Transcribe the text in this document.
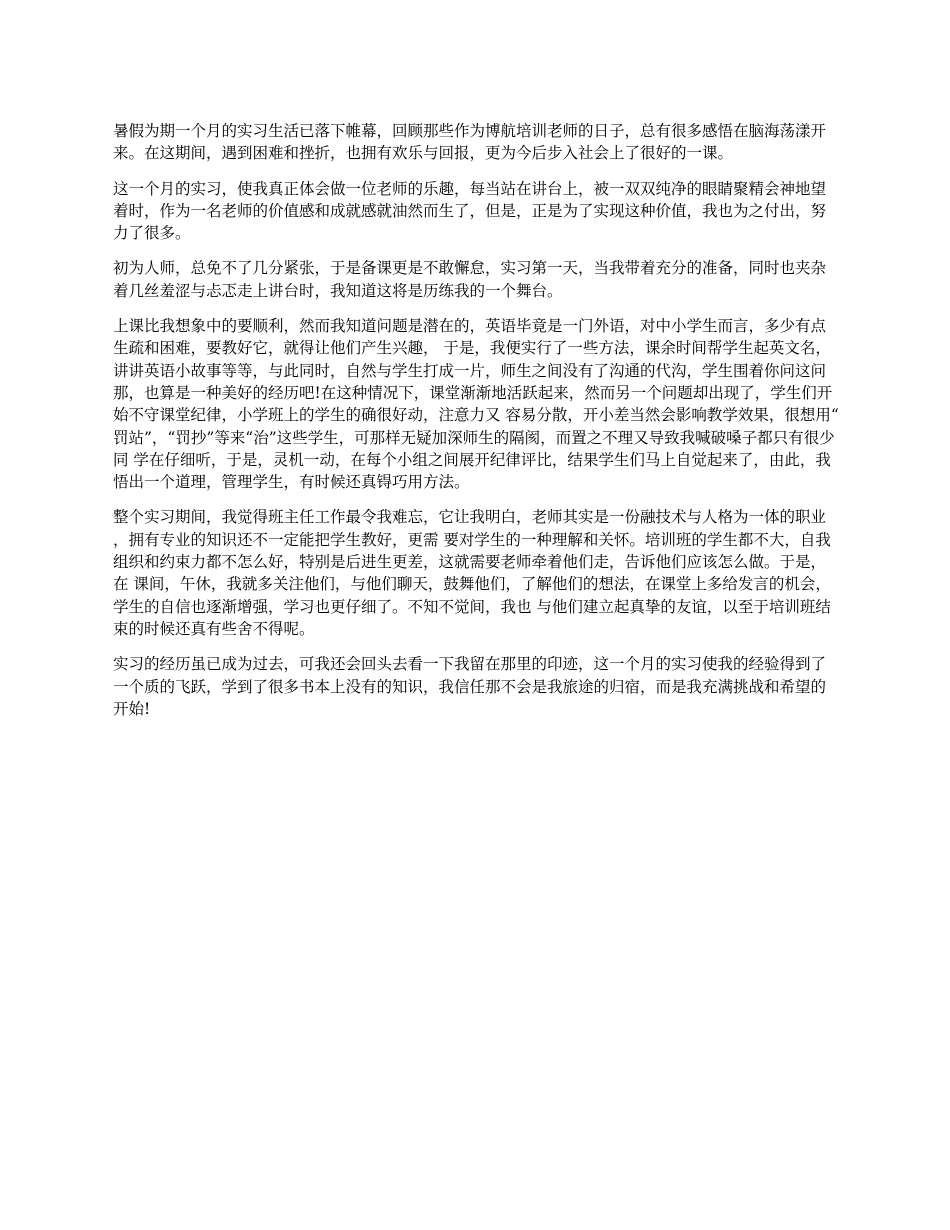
暑假为期一个月的实习生活已落下帷幕，回顾那些作为博航培训老师的日子，总有很多感悟在脑海荡漾开来。在这期间，遇到困难和挫折，也拥有欢乐与回报，更为今后步入社会上了很好的一课。

这一个月的实习，使我真正体会做一位老师的乐趣，每当站在讲台上，被一双双纯净的眼睛聚精会神地望着时，作为一名老师的价值感和成就感就油然而生了，但是，正是为了实现这种价值，我也为之付出，努力了很多。

初为人师，总免不了几分紧张，于是备课更是不敢懈怠，实习第一天，当我带着充分的准备，同时也夹杂着几丝羞涩与忐忑走上讲台时，我知道这将是历练我的一个舞台。

上课比我想象中的要顺利，然而我知道问题是潜在的，英语毕竟是一门外语，对中小学生而言，多少有点生疏和困难，要教好它，就得让他们产生兴趣， 于是，我便实行了一些方法，课余时间帮学生起英文名，讲讲英语小故事等等，与此同时，自然与学生打成一片，师生之间没有了沟通的代沟，学生围着你问这问 那，也算是一种美好的经历吧!在这种情况下，课堂渐渐地活跃起来，然而另一个问题却出现了，学生们开始不守课堂纪律，小学班上的学生的确很好动，注意力又 容易分散，开小差当然会影响教学效果，很想用“罚站”，“罚抄”等来“治”这些学生，可那样无疑加深师生的隔阂，而置之不理又导致我喊破嗓子都只有很少同 学在仔细听，于是，灵机一动，在每个小组之间展开纪律评比，结果学生们马上自觉起来了，由此，我悟出一个道理，管理学生，有时候还真锝巧用方法。

整个实习期间，我觉得班主任工作最令我难忘，它让我明白，老师其实是一份融技术与人格为一体的职业，拥有专业的知识还不一定能把学生教好，更需 要对学生的一种理解和关怀。培训班的学生都不大，自我组织和约束力都不怎么好，特别是后进生更差，这就需要老师牵着他们走，告诉他们应该怎么做。于是，在 课间，午休，我就多关注他们，与他们聊天，鼓舞他们，了解他们的想法，在课堂上多给发言的机会，学生的自信也逐渐增强，学习也更仔细了。不知不觉间，我也 与他们建立起真挚的友谊，以至于培训班结束的时候还真有些舍不得呢。

实习的经历虽已成为过去，可我还会回头去看一下我留在那里的印迹，这一个月的实习使我的经验得到了一个质的飞跃，学到了很多书本上没有的知识，我信任那不会是我旅途的归宿，而是我充满挑战和希望的开始!
